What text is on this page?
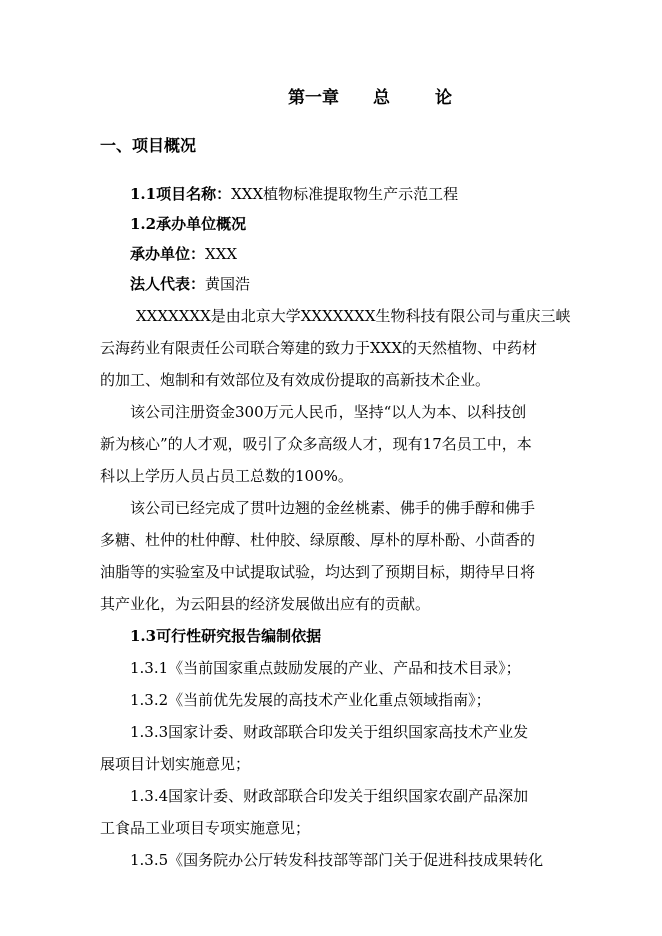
第一章 总　论
一、项目概况
1.1项目名称：XXX植物标准提取物生产示范工程
1.2承办单位概况
承办单位：XXX
法人代表：黄国浩
XXXXXXX是由北京大学XXXXXXX生物科技有限公司与重庆三峡
云海药业有限责任公司联合筹建的致力于XXX的天然植物、中药材
的加工、炮制和有效部位及有效成份提取的高新技术企业。
该公司注册资金300万元人民币，坚持“以人为本、以科技创
新为核心”的人才观，吸引了众多高级人才，现有17名员工中，本
科以上学历人员占员工总数的100%。
该公司已经完成了贯叶边翘的金丝桃素、佛手的佛手醇和佛手
多糖、杜仲的杜仲醇、杜仲胶、绿原酸、厚朴的厚朴酚、小茴香的
油脂等的实验室及中试提取试验，均达到了预期目标，期待早日将
其产业化，为云阳县的经济发展做出应有的贡献。
1.3可行性研究报告编制依据
1.3.1《当前国家重点鼓励发展的产业、产品和技术目录》；
1.3.2《当前优先发展的高技术产业化重点领域指南》；
1.3.3国家计委、财政部联合印发关于组织国家高技术产业发
展项目计划实施意见；
1.3.4国家计委、财政部联合印发关于组织国家农副产品深加
工食品工业项目专项实施意见；
1.3.5《国务院办公厅转发科技部等部门关于促进科技成果转化
